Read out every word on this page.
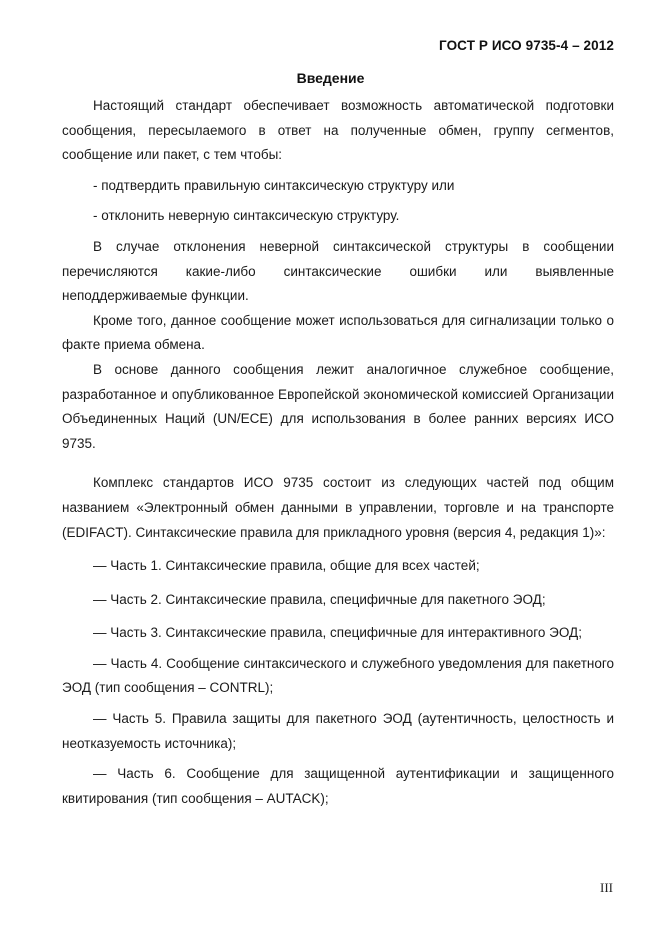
ГОСТ Р ИСО 9735-4 – 2012
Введение

Настоящий стандарт обеспечивает возможность автоматической подготовки сообщения, пересылаемого в ответ на полученные обмен, группу сегментов, сообщение или пакет, с тем чтобы:

- подтвердить правильную синтаксическую структуру или

- отклонить неверную синтаксическую структуру.

В случае отклонения неверной синтаксической структуры в сообщении перечисляются какие-либо синтаксические ошибки или выявленные неподдерживаемые функции.

Кроме того, данное сообщение может использоваться для сигнализации только о факте приема обмена.

В основе данного сообщения лежит аналогичное служебное сообщение, разработанное и опубликованное Европейской экономической комиссией Организации Объединенных Наций (UN/ECE) для использования в более ранних версиях ИСО 9735.

Комплекс стандартов ИСО 9735 состоит из следующих частей под общим названием «Электронный обмен данными в управлении, торговле и на транспорте (EDIFACT). Синтаксические правила для прикладного уровня (версия 4, редакция 1)»:

— Часть 1. Синтаксические правила, общие для всех частей;

— Часть 2. Синтаксические правила, специфичные для пакетного ЭОД;

— Часть 3. Синтаксические правила, специфичные для интерактивного ЭОД;

— Часть 4. Сообщение синтаксического и служебного уведомления для пакетного ЭОД (тип сообщения – CONTRL);

— Часть 5. Правила защиты для пакетного ЭОД (аутентичность, целостность и неотказуемость источника);

— Часть 6. Сообщение для защищенной аутентификации и защищенного квитирования (тип сообщения – AUTACK);

III
